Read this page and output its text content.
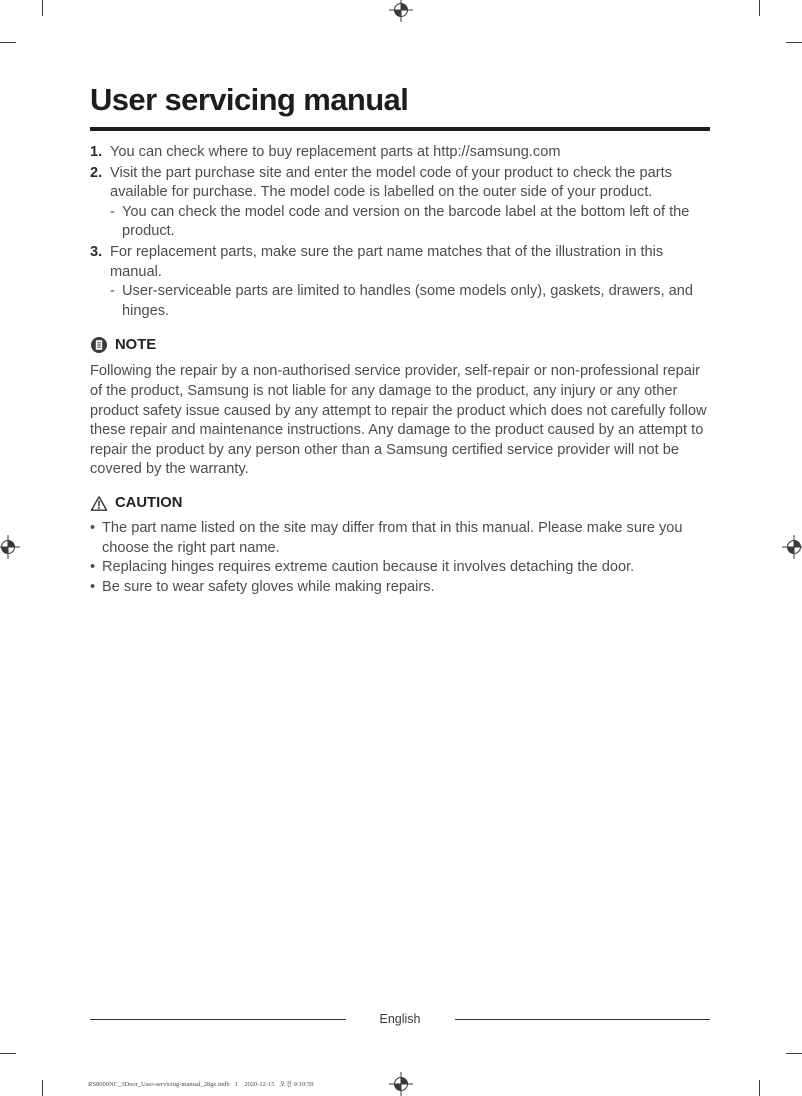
User servicing manual
1. You can check where to buy replacement parts at http://samsung.com
2. Visit the part purchase site and enter the model code of your product to check the parts available for purchase. The model code is labelled on the outer side of your product.
- You can check the model code and version on the barcode label at the bottom left of the product.
3. For replacement parts, make sure the part name matches that of the illustration in this manual.
- User-serviceable parts are limited to handles (some models only), gaskets, drawers, and hinges.
NOTE

Following the repair by a non-authorised service provider, self-repair or non-professional repair of the product, Samsung is not liable for any damage to the product, any injury or any other product safety issue caused by any attempt to repair the product which does not carefully follow these repair and maintenance instructions. Any damage to the product caused by an attempt to repair the product by any person other than a Samsung certified service provider will not be covered by the warranty.

CAUTION
• The part name listed on the site may differ from that in this manual. Please make sure you choose the right part name.
• Replacing hinges requires extreme caution because it involves detaching the door.
• Be sure to wear safety gloves while making repairs.
English
RS8000NC_3Door_User-servicing-manual_28ge.indb   1    2020-12-15   오전 9:10:59
